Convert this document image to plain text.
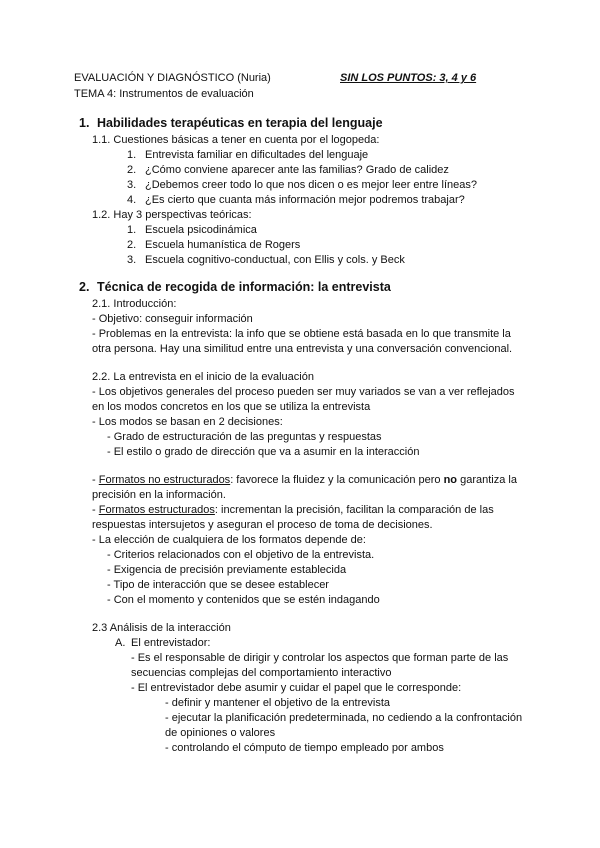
EVALUACIÓN Y DIAGNÓSTICO (Nuria)	SIN LOS PUNTOS: 3, 4 y 6
TEMA 4: Instrumentos de evaluación
1. Habilidades terapéuticas en terapia del lenguaje
1.1. Cuestiones básicas a tener en cuenta por el logopeda:
1. Entrevista familiar en dificultades del lenguaje
2. ¿Cómo conviene aparecer ante las familias? Grado de calidez
3. ¿Debemos creer todo lo que nos dicen o es mejor leer entre líneas?
4. ¿Es cierto que cuanta más información mejor podremos trabajar?
1.2. Hay 3 perspectivas teóricas:
1. Escuela psicodinámica
2. Escuela humanística de Rogers
3. Escuela cognitivo-conductual, con Ellis y cols. y Beck
2. Técnica de recogida de información: la entrevista
2.1. Introducción:
- Objetivo: conseguir información
- Problemas en la entrevista: la info que se obtiene está basada en lo que transmite la
otra persona. Hay una similitud entre una entrevista y una conversación convencional.
2.2. La entrevista en el inicio de la evaluación
- Los objetivos generales del proceso pueden ser muy variados se van a ver reflejados
en los modos concretos en los que se utiliza la entrevista
- Los modos se basan en 2 decisiones:
- Grado de estructuración de las preguntas y respuestas
- El estilo o grado de dirección que va a asumir en la interacción
- Formatos no estructurados: favorece la fluidez y la comunicación pero no garantiza la
precisión en la información.
- Formatos estructurados: incrementan la precisión, facilitan la comparación de las
respuestas intersujetos y aseguran el proceso de toma de decisiones.
- La elección de cualquiera de los formatos depende de:
- Criterios relacionados con el objetivo de la entrevista.
- Exigencia de precisión previamente establecida
- Tipo de interacción que se desee establecer
- Con el momento y contenidos que se estén indagando
2.3 Análisis de la interacción
A. El entrevistador:
- Es el responsable de dirigir y controlar los aspectos que forman parte de las
secuencias complejas del comportamiento interactivo
- El entrevistador debe asumir y cuidar el papel que le corresponde:
- definir y mantener el objetivo de la entrevista
- ejecutar la planificación predeterminada, no cediendo a la confrontación
de opiniones o valores
- controlando el cómputo de tiempo empleado por ambos
